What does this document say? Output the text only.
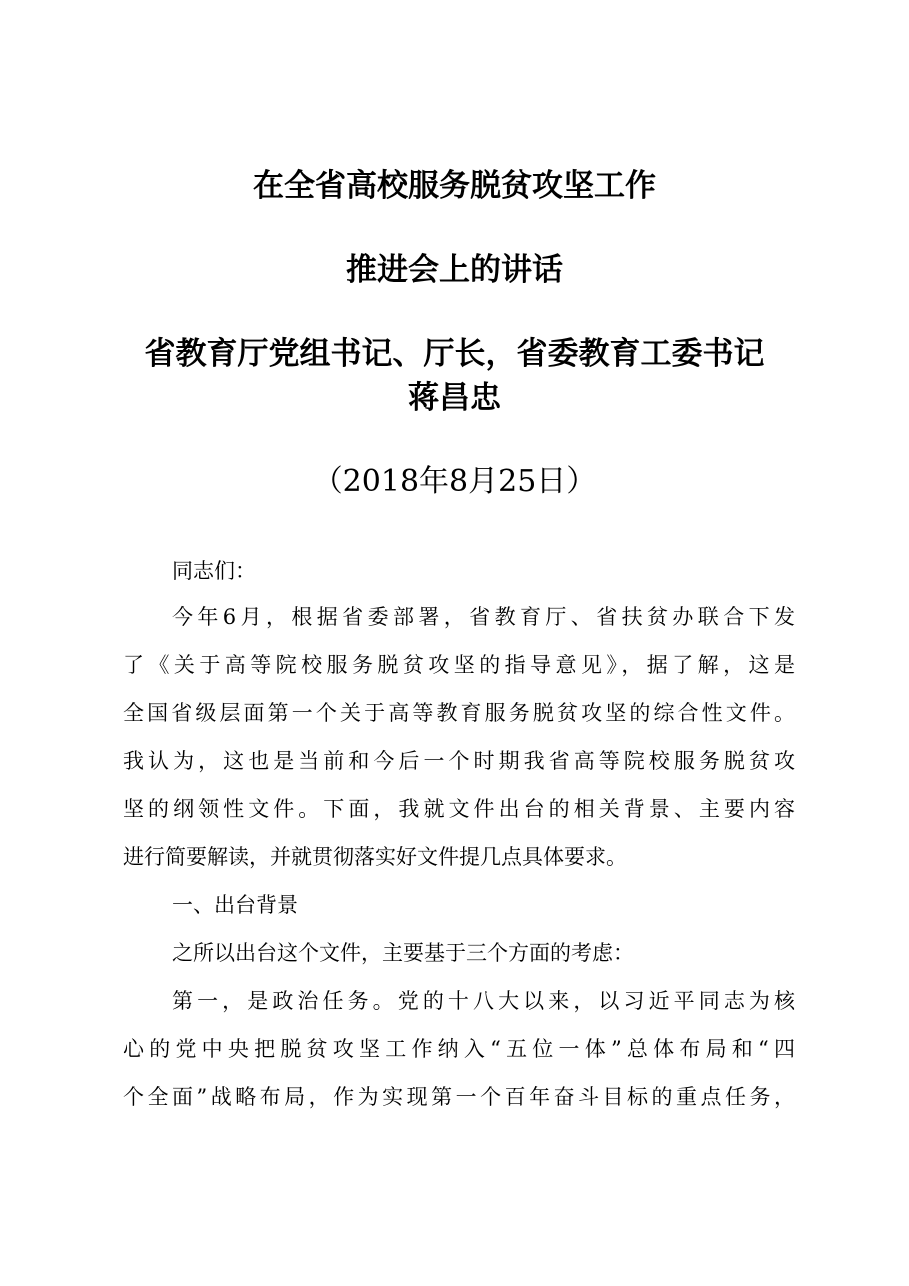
在全省高校服务脱贫攻坚工作
推进会上的讲话
省教育厅党组书记、厅长，省委教育工委书记
蒋昌忠
（2018年8月25日）

同志们：

今年6月，根据省委部署，省教育厅、省扶贫办联合下发

了《关于高等院校服务脱贫攻坚的指导意见》，据了解，这是

全国省级层面第一个关于高等教育服务脱贫攻坚的综合性文件。

我认为，这也是当前和今后一个时期我省高等院校服务脱贫攻

坚的纲领性文件。下面，我就文件出台的相关背景、主要内容

进行简要解读，并就贯彻落实好文件提几点具体要求。

一、出台背景

之所以出台这个文件，主要基于三个方面的考虑：

第一，是政治任务。党的十八大以来，以习近平同志为核

心的党中央把脱贫攻坚工作纳入“五位一体”总体布局和“四

个全面”战略布局，作为实现第一个百年奋斗目标的重点任务，
